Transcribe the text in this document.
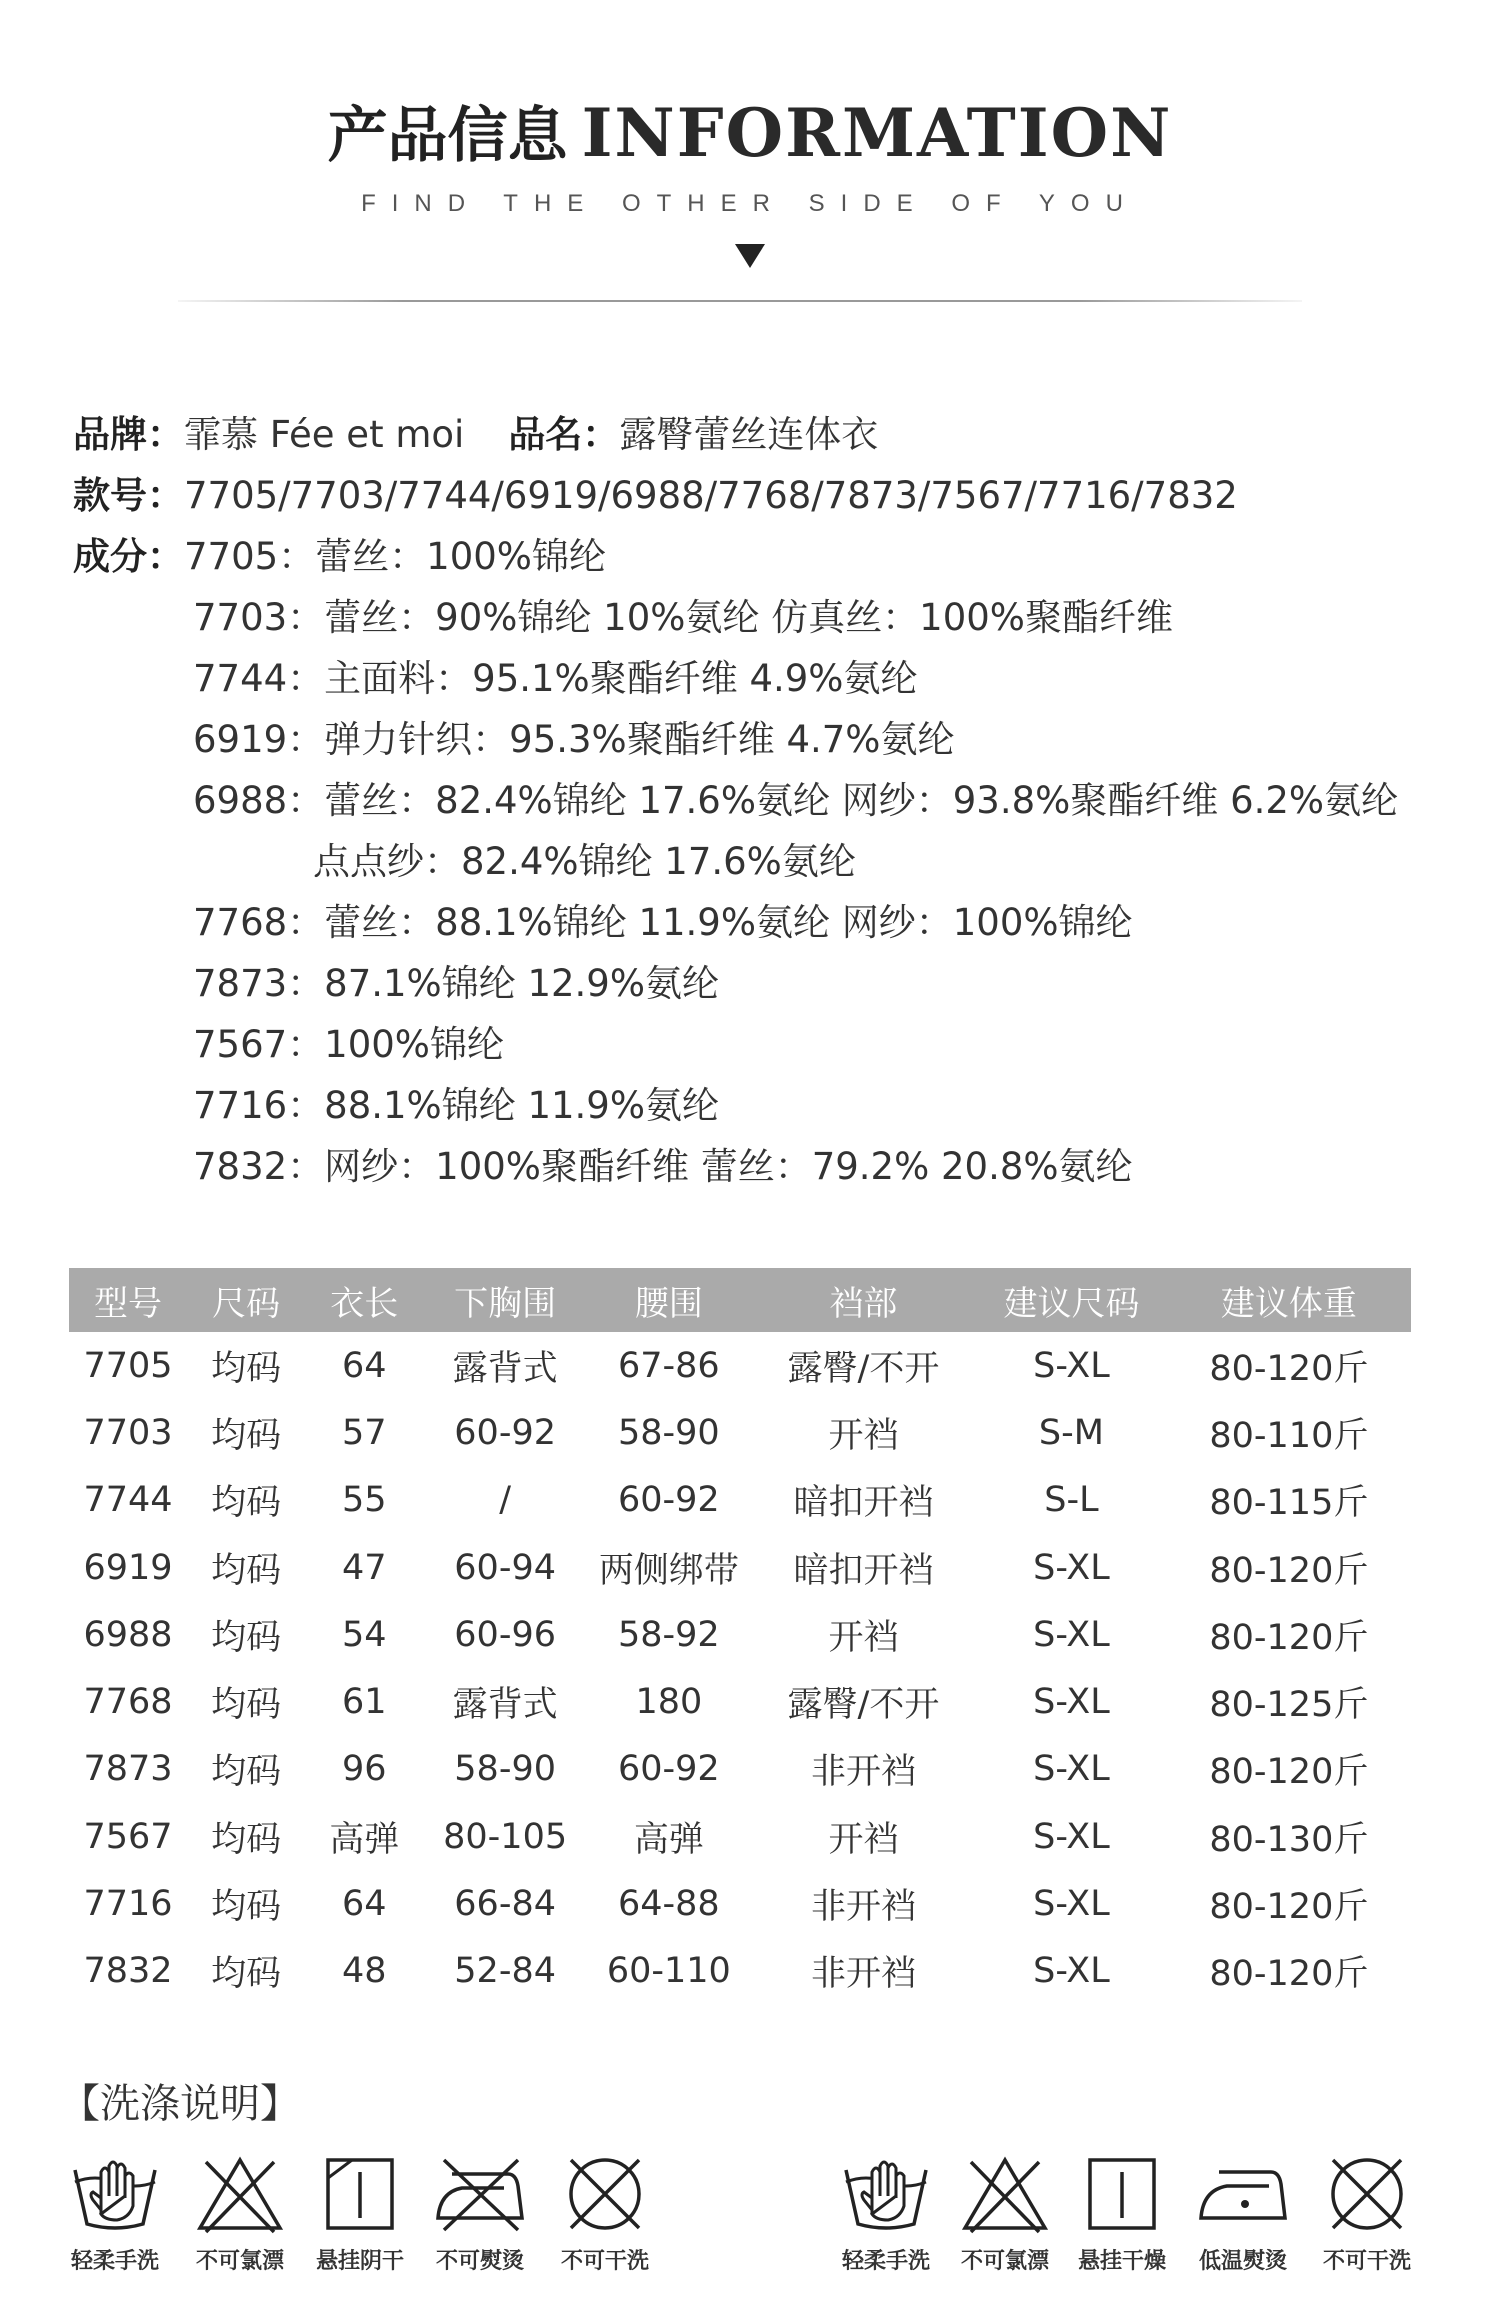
产品信息 INFORMATION
FIND THE OTHER SIDE OF YOU
品牌：霏慕 Fée et moi 品名：露臀蕾丝连体衣
款号：7705/7703/7744/6919/6988/7768/7873/7567/7716/7832
成分：7705：蕾丝：100%锦纶
7703：蕾丝：90%锦纶 10%氨纶 仿真丝：100%聚酯纤维
7744：主面料：95.1%聚酯纤维 4.9%氨纶
6919：弹力针织：95.3%聚酯纤维 4.7%氨纶
6988：蕾丝：82.4%锦纶 17.6%氨纶 网纱：93.8%聚酯纤维 6.2%氨纶
点点纱：82.4%锦纶 17.6%氨纶
7768：蕾丝：88.1%锦纶 11.9%氨纶 网纱：100%锦纶
7873：87.1%锦纶 12.9%氨纶
7567：100%锦纶
7716：88.1%锦纶 11.9%氨纶
7832：网纱：100%聚酯纤维 蕾丝：79.2% 20.8%氨纶
型号	尺码	衣长	下胸围	腰围	裆部	建议尺码	建议体重
7705	均码	64	露背式	67-86	露臀/不开	S-XL	80-120斤
7703	均码	57	60-92	58-90	开裆	S-M	80-110斤
7744	均码	55	/	60-92	暗扣开裆	S-L	80-115斤
6919	均码	47	60-94	两侧绑带	暗扣开裆	S-XL	80-120斤
6988	均码	54	60-96	58-92	开裆	S-XL	80-120斤
7768	均码	61	露背式	180	露臀/不开	S-XL	80-125斤
7873	均码	96	58-90	60-92	非开裆	S-XL	80-120斤
7567	均码	高弹	80-105	高弹	开裆	S-XL	80-130斤
7716	均码	64	66-84	64-88	非开裆	S-XL	80-120斤
7832	均码	48	52-84	60-110	非开裆	S-XL	80-120斤
【洗涤说明】
轻柔手洗	不可氯漂	悬挂阴干	不可熨烫	不可干洗	轻柔手洗	不可氯漂	悬挂干燥	低温熨烫	不可干洗
